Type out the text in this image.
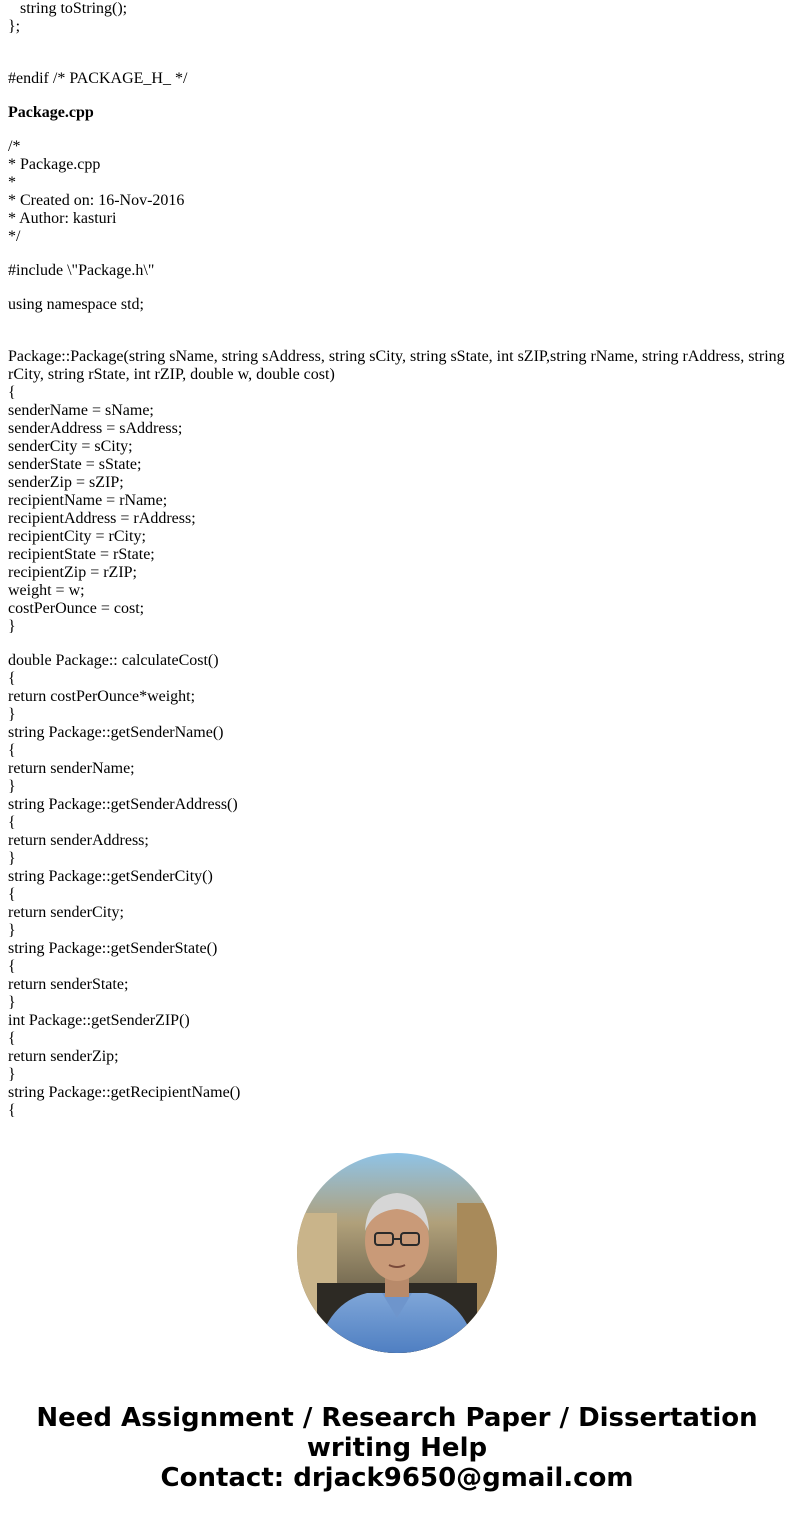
string toString();
};
#endif /* PACKAGE_H_ */
Package.cpp
/*
* Package.cpp
*
* Created on: 16-Nov-2016
* Author: kasturi
*/
#include \"Package.h\"
using namespace std;
Package::Package(string sName, string sAddress, string sCity, string sState, int sZIP,string rName, string rAddress, string rCity, string rState, int rZIP, double w, double cost)
{
senderName = sName;
senderAddress = sAddress;
senderCity = sCity;
senderState = sState;
senderZip = sZIP;
recipientName = rName;
recipientAddress = rAddress;
recipientCity = rCity;
recipientState = rState;
recipientZip = rZIP;
weight = w;
costPerOunce = cost;
}
double Package:: calculateCost()
{
return costPerOunce*weight;
}
string Package::getSenderName()
{
return senderName;
}
string Package::getSenderAddress()
{
return senderAddress;
}
string Package::getSenderCity()
{
return senderCity;
}
string Package::getSenderState()
{
return senderState;
}
int Package::getSenderZIP()
{
return senderZip;
}
string Package::getRecipientName()
{
Need Assignment / Research Paper / Dissertation
writing Help
Contact: drjack9650@gmail.com
